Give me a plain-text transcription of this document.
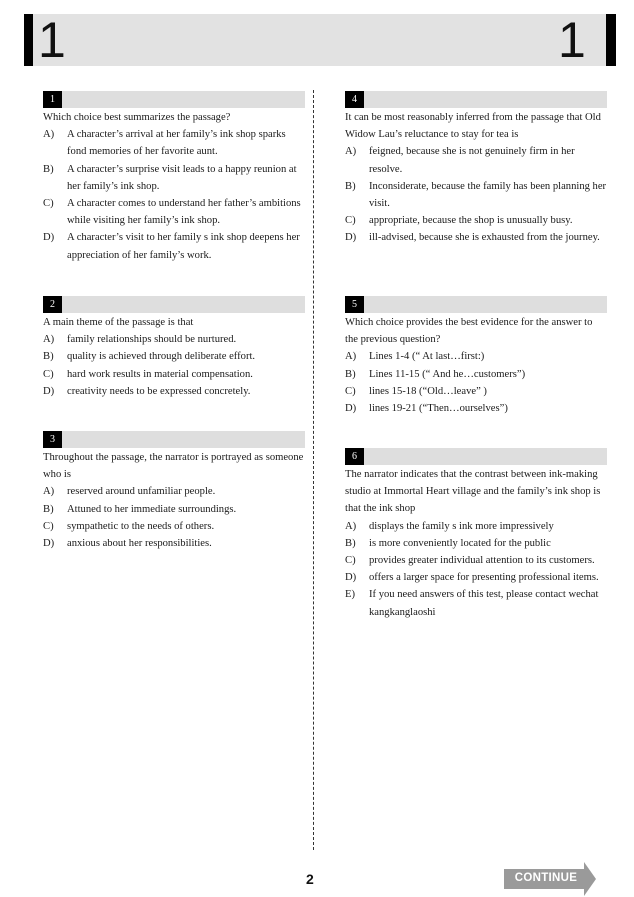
1	1
1
Which choice best summarizes the passage?
A)	A character’s arrival at her family’s ink shop sparks fond memories of her favorite aunt.
B)	A character’s surprise visit leads to a happy reunion at her family’s ink shop.
C)	A character comes to understand her father’s ambitions while visiting her family’s ink shop.
D)	A character’s visit to her family s ink shop deepens her appreciation of her family’s work.
2
A main theme of the passage is that
A)	family relationships should be nurtured.
B)	quality is achieved through deliberate effort.
C)	hard work results in material compensation.
D)	creativity needs to be expressed concretely.
3
Throughout the passage, the narrator is portrayed as someone who is
A)	reserved around unfamiliar people.
B)	Attuned to her immediate surroundings.
C)	sympathetic to the needs of others.
D)	anxious about her responsibilities.
4
It can be most reasonably inferred from the passage that Old Widow Lau’s reluctance to stay for tea is
A)	feigned, because she is not genuinely firm in her resolve.
B)	Inconsiderate, because the family has been planning her visit.
C)	appropriate, because the shop is unusually busy.
D)	ill-advised, because she is exhausted from the journey.
5
Which choice provides the best evidence for the answer to the previous question?
A)	Lines 1-4 (“ At last…first:)
B)	Lines 11-15 (“ And he…customers”)
C)	lines 15-18 (“Old…leave” )
D)	lines 19-21 (“Then…ourselves”)
6
The narrator indicates that the contrast between ink-making studio at Immortal Heart village and the family’s ink shop is that the ink shop
A)	displays the family s ink more impressively
B)	is more conveniently located for the public
C)	provides greater individual attention to its customers.
D)	offers a larger space for presenting professional items.
E)	If you need answers of this test, please contact wechat kangkanglaoshi
2	CONTINUE
